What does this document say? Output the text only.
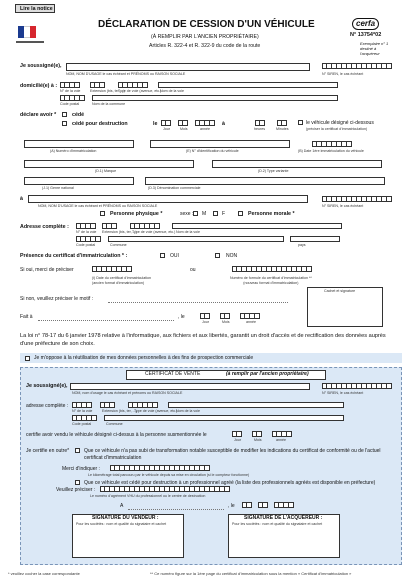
Lire la notice
DÉCLARATION DE CESSION D'UN VÉHICULE
(À REMPLIR PAR L'ANCIEN PROPRIÉTAIRE)
Articles R. 322-4 et R. 322-9 du code de la route
cerfa
N° 13754*02
Exemplaire n° 1 destiné à l'acquéreur
Je soussigné(e),
NOM, NOM D'USAGE le cas échéant et PRÉNOMS ou RAISON SOCIALE	N° SIREN, le cas échéant
domicilié(e) à :
N° de la voie	Extension (bis, ter, ...)
Type de voie (avenue, etc.)
Nom de la voie
Code postal	Nom de la commune
déclare avoir *	cédé
cédé pour destruction	le
Jour	Mois	année
à
heures	Minutes
le véhicule désigné ci-dessous
(préciser la certificat d'immatriculation)
(A) Numéro d'immatriculation	(E) N° d'identification du véhicule	(B) Date 1ère immatriculation du véhicule
(D.1) Marque	(D.2) Type variante
(J.1) Genre national	(D.3) Dénomination commerciale
à
NOM, NOM D'USAGE le cas échéant et PRÉNOMS ou RAISON SOCIALE	N° SIREN, le cas échéant
Personne physique *	sexe : M	F	Personne morale *
Adresse complète :
N° de la voie Extension (bis, ter, ...)
Type de voie (avenue, etc.) Nom de la voie
Code postal	Commune	pays
Présence du certificat d'immatriculation * :	OUI	NON
Si oui, merci de préciser	ou
(i) Date du certificat d'immatriculation
(ancien format d'immatriculation)
Numéro de formule du certificat d'immatriculation **
(nouveau format d'immatriculation)
Si non, veuillez préciser le motif :
Cachet et signature
Fait à	, le
Jour	Mois	année
La loi n° 78-17 du 6 janvier 1978 relative à l'informatique, aux fichiers et aux libertés, garantit un droit d'accès et de rectification des données auprès d'une préfecture de son choix.
Je m'oppose à la réutilisation de mes données personnelles à des fins de prospection commerciale
CERTIFICAT DE VENTE	(à remplir par l'ancien propriétaire)
Je soussigné(e),
NOM, nom d'usage le cas échéant et prénoms ou RAISON SOCIALE	N° SIREN, le cas échéant
adresse complète :
N° de la voie	Extension (bis, ter, ...)
Type de voie (avenue, etc.)
Nom de la voie
Code postal	Commune
certifie avoir vendu le véhicule désigné ci-dessus à la personne susmentionnée le
Jour	Mois	année
Je certifie en outre*	Que ce véhicule n'a pas subi de transformation notable susceptible de modifier les indications du certificat de conformité ou de l'actuel certificat d'immatriculation
Merci d'indiquer :
Le kilométrage total parcouru par le véhicule depuis sa mise en circulation (si le compteur fonctionne)
Que ce véhicule est cédé pour destruction à un professionnel agréé (la liste des professionnels agréés est disponible en préfecture)
Veuillez préciser :
Le numéro d'agrément VHU du professionnel ou le centre de destruction
A	, le
SIGNATURE DU VENDEUR :
Pour les sociétés : nom et qualité du signataire et cachet
SIGNATURE DE L'ACQUÉREUR :
Pour les sociétés : nom et qualité du signataire et cachet
* veuillez cocher la case correspondante	** Ce numéro figure sur la 1ère page du certificat d'immatriculation sous la mention « Certificat d'immatriculation »
